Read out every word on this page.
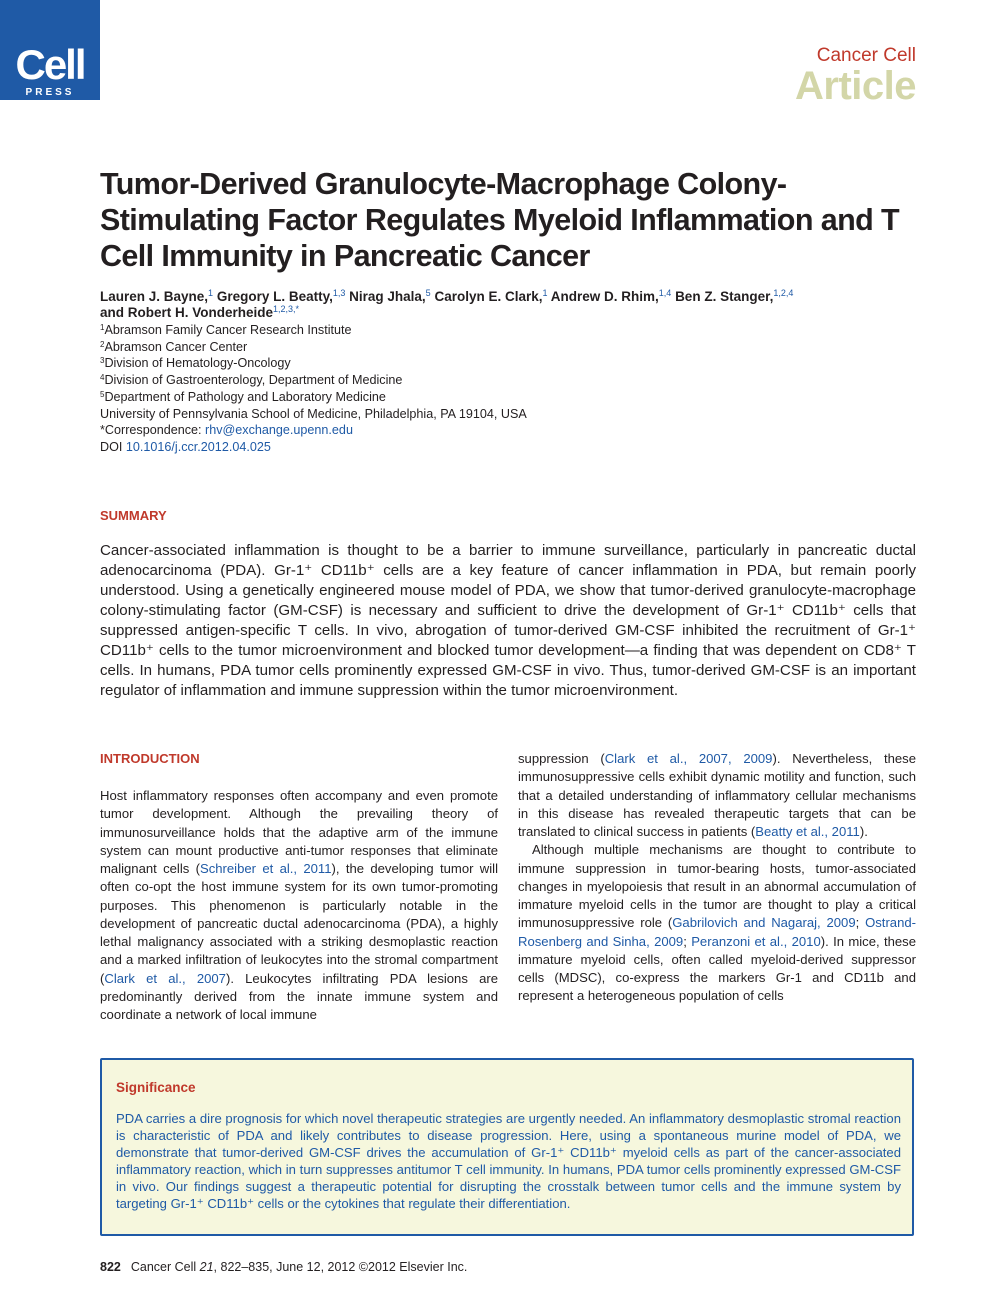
Cell
PRESS
Cancer Cell
Article
Tumor-Derived Granulocyte-Macrophage Colony-Stimulating Factor Regulates Myeloid Inflammation and T Cell Immunity in Pancreatic Cancer
Lauren J. Bayne,$^1$ Gregory L. Beatty,$^{1,3}$ Nirag Jhala,$^5$ Carolyn E. Clark,$^1$ Andrew D. Rhim,$^{1,4}$ Ben Z. Stanger,$^{1,2,4}$
and Robert H. Vonderheide$^{1,2,3,*}$
$^1$Abramson Family Cancer Research Institute
$^2$Abramson Cancer Center
$^3$Division of Hematology-Oncology
$^4$Division of Gastroenterology, Department of Medicine
$^5$Department of Pathology and Laboratory Medicine
University of Pennsylvania School of Medicine, Philadelphia, PA 19104, USA
*Correspondence: rhv@exchange.upenn.edu
DOI 10.1016/j.ccr.2012.04.025
SUMMARY
Cancer-associated inflammation is thought to be a barrier to immune surveillance, particularly in pancreatic ductal adenocarcinoma (PDA). Gr-1⁺ CD11b⁺ cells are a key feature of cancer inflammation in PDA, but remain poorly understood. Using a genetically engineered mouse model of PDA, we show that tumor-derived granulocyte-macrophage colony-stimulating factor (GM-CSF) is necessary and sufficient to drive the development of Gr-1⁺ CD11b⁺ cells that suppressed antigen-specific T cells. In vivo, abrogation of tumor-derived GM-CSF inhibited the recruitment of Gr-1⁺ CD11b⁺ cells to the tumor microenvironment and blocked tumor development—a finding that was dependent on CD8⁺ T cells. In humans, PDA tumor cells prominently expressed GM-CSF in vivo. Thus, tumor-derived GM-CSF is an important regulator of inflammation and immune suppression within the tumor microenvironment.
INTRODUCTION

Host inflammatory responses often accompany and even promote tumor development. Although the prevailing theory of immunosurveillance holds that the adaptive arm of the immune system can mount productive anti-tumor responses that eliminate malignant cells (Schreiber et al., 2011), the developing tumor will often co-opt the host immune system for its own tumor-promoting purposes. This phenomenon is particularly notable in the development of pancreatic ductal adenocarcinoma (PDA), a highly lethal malignancy associated with a striking desmoplastic reaction and a marked infiltration of leukocytes into the stromal compartment (Clark et al., 2007). Leukocytes infiltrating PDA lesions are predominantly derived from the innate immune system and coordinate a network of local immune

suppression (Clark et al., 2007, 2009). Nevertheless, these immunosuppressive cells exhibit dynamic motility and function, such that a detailed understanding of inflammatory cellular mechanisms in this disease has revealed therapeutic targets that can be translated to clinical success in patients (Beatty et al., 2011).

Although multiple mechanisms are thought to contribute to immune suppression in tumor-bearing hosts, tumor-associated changes in myelopoiesis that result in an abnormal accumulation of immature myeloid cells in the tumor are thought to play a critical immunosuppressive role (Gabrilovich and Nagaraj, 2009; Ostrand-Rosenberg and Sinha, 2009; Peranzoni et al., 2010). In mice, these immature myeloid cells, often called myeloid-derived suppressor cells (MDSC), co-express the markers Gr-1 and CD11b and represent a heterogeneous population of cells

Significance
PDA carries a dire prognosis for which novel therapeutic strategies are urgently needed. An inflammatory desmoplastic stromal reaction is characteristic of PDA and likely contributes to disease progression. Here, using a spontaneous murine model of PDA, we demonstrate that tumor-derived GM-CSF drives the accumulation of Gr-1⁺ CD11b⁺ myeloid cells as part of the cancer-associated inflammatory reaction, which in turn suppresses antitumor T cell immunity. In humans, PDA tumor cells prominently expressed GM-CSF in vivo. Our findings suggest a therapeutic potential for disrupting the crosstalk between tumor cells and the immune system by targeting Gr-1⁺ CD11b⁺ cells or the cytokines that regulate their differentiation.
822 Cancer Cell 21, 822–835, June 12, 2012 ©2012 Elsevier Inc.
